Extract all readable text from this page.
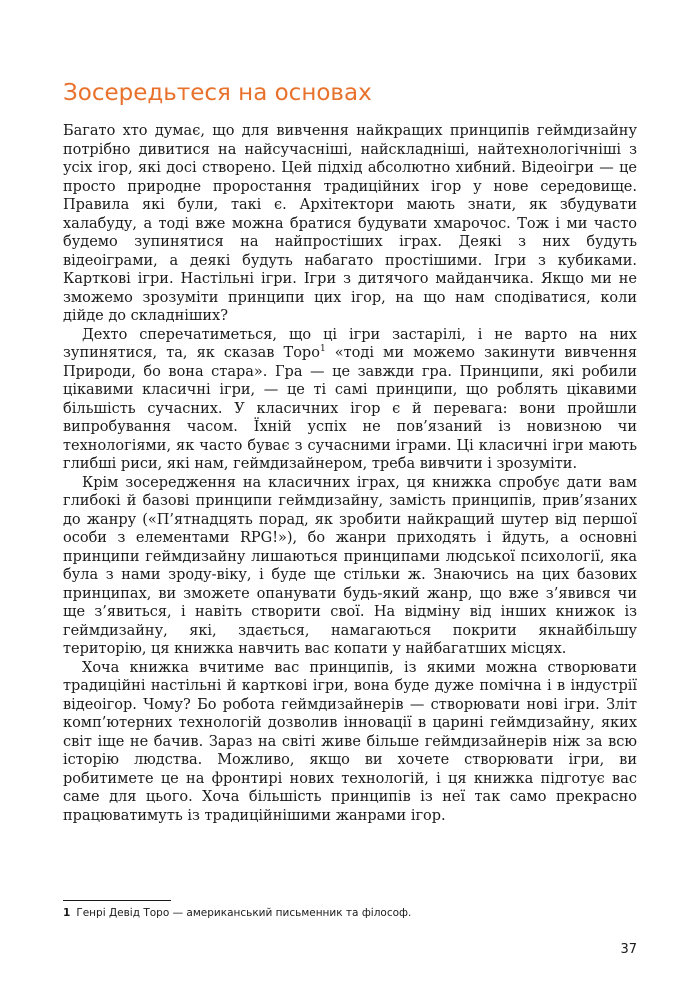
Зосередьтеся на основах

Багато хто думає, що для вивчення найкращих принципів геймдизайну потрібно дивитися на найсучасніші, найскладніші, найтехнологічніші з усіх ігор, які досі створено. Цей підхід абсолютно хибний. Відеоігри — це просто природне проростання традиційних ігор у нове середовище. Правила які були, такі є. Архітектори мають знати, як збудувати халабуду, а тоді вже можна братися будувати хмарочос. Тож і ми часто будемо зупинятися на найпростіших іграх. Деякі з них будуть відеоіграми, а деякі будуть набагато простішими. Ігри з кубиками. Карткові ігри. Настільні ігри. Ігри з дитячого майданчика. Якщо ми не зможемо зрозуміти принципи цих ігор, на що нам сподіватися, коли дійде до складніших?

Дехто сперечатиметься, що ці ігри застарілі, і не варто на них зупинятися, та, як сказав Торо$^1$ «тоді ми можемо закинути вивчення Природи, бо вона стара». Гра — це завжди гра. Принципи, які робили цікавими класичні ігри, — це ті самі принципи, що роблять цікавими більшість сучасних. У класичних ігор є й перевага: вони пройшли випробування часом. Їхній успіх не пов’язаний із новизною чи технологіями, як часто буває з сучасними іграми. Ці класичні ігри мають глибші риси, які нам, геймдизайнером, треба вивчити і зрозуміти.

Крім зосередження на класичних іграх, ця книжка спробує дати вам глибокі й базові принципи геймдизайну, замість принципів, прив’язаних до жанру («П’ятнадцять порад, як зробити найкращий шутер від першої особи з елементами RPG!»), бо жанри приходять і йдуть, а основні принципи геймдизайну лишаються принципами людської психології, яка була з нами зроду-віку, і буде ще стільки ж. Знаючись на цих базових принципах, ви зможете опанувати будь-який жанр, що вже з’явився чи ще з’явиться, і навіть створити свої. На відміну від інших книжок із геймдизайну, які, здається, намагаються покрити якнайбільшу територію, ця книжка навчить вас копати у найбагатших місцях.

Хоча книжка вчитиме вас принципів, із якими можна створювати традиційні настільні й карткові ігри, вона буде дуже помічна і в індустрії відеоігор. Чому? Бо робота геймдизайнерів — створювати нові ігри. Зліт комп’ютерних технологій дозволив інновації в царині геймдизайну, яких світ іще не бачив. Зараз на світі живе більше геймдизайнерів ніж за всю історію людства. Можливо, якщо ви хочете створювати ігри, ви робитимете це на фронтирі нових технологій, і ця книжка підготує вас саме для цього. Хоча більшість принципів із неї так само прекрасно працюватимуть із традиційнішими жанрами ігор.

1 Генрі Девід Торо — американський письменник та філософ.

37
